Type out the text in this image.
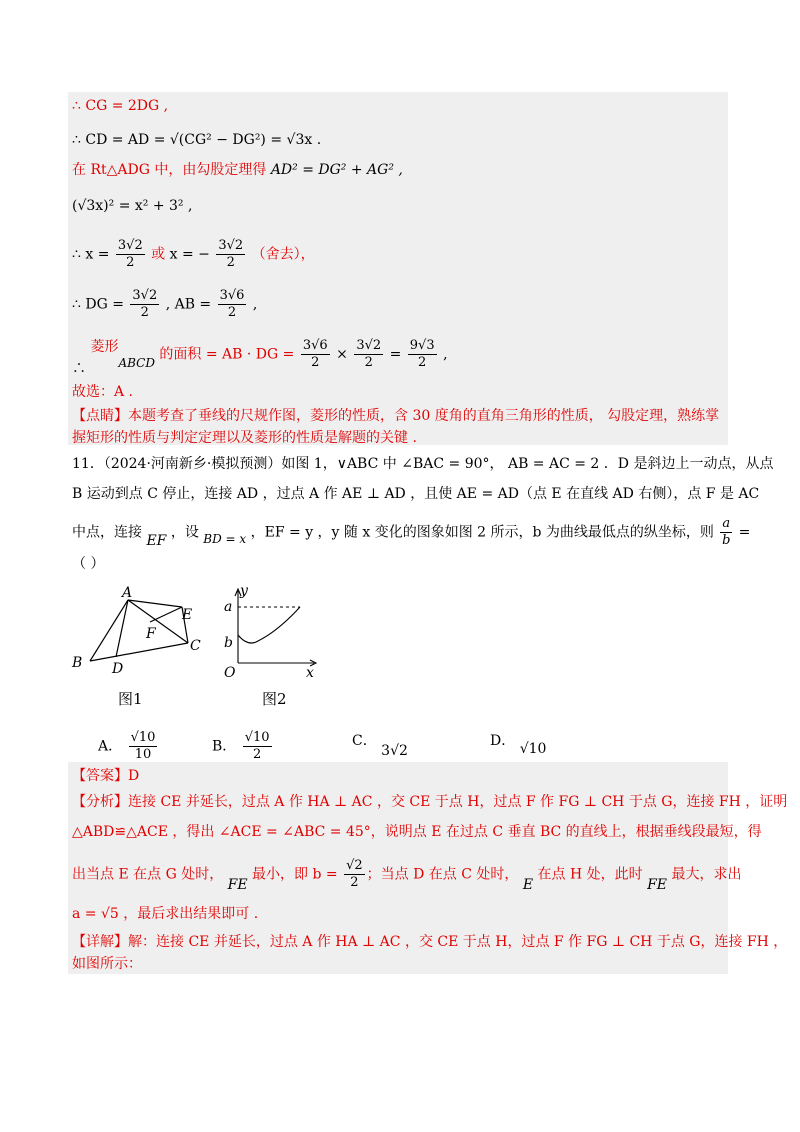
∴ CG = 2DG ,
∴ CD = AD = √(CG² − DG²) = √3x .
在 Rt△ADG 中，由勾股定理得 AD² = DG² + AG² ,
(√3x)² = x² + 3² ,
∴ $x = \frac{3√2}{2}$ 或 x = − $\frac{3√2}{2}$ （舍去），
∴ DG = $\frac{3√2}{2}$ , AB = $\frac{3√6}{2}$ ,
∴ 菱形ABCD 的面积 = AB · DG = $\frac{3√6}{2} \times \frac{3√2}{2} = \frac{9√3}{2}$ ,
故选：A .
【点睛】本题考查了垂线的尺规作图，菱形的性质，含 30 度角的直角三角形的性质， 勾股定理，熟练掌
握矩形的性质与判定定理以及菱形的性质是解题的关键 .
11．（2024·河南新乡·模拟预测）如图 1，∨ABC 中 ∠BAC = 90°， AB = AC = 2 ．D 是斜边上一动点，从点
B 运动到点 C 停止，连接 AD ，过点 A 作 AE ⊥ AD ，且使 AE = AD（点 E 在直线 AD 右侧），点 F 是 AC
中点，连接 EF ，设 BD = x ，EF = y ，y 随 x 变化的图象如图 2 所示，b 为曲线最低点的纵坐标，则 $\frac{a}{b}$ =
（ ）
A
B
C
D
E
F
图1
y
x
O
a
b
图2
A． $\frac{√10}{10}$	B． $\frac{√10}{2}$	C． 3√2
D． √10
【答案】D
【分析】连接 CE 并延长，过点 A 作 HA ⊥ AC ，交 CE 于点 H，过点 F 作 FG ⊥ CH 于点 G，连接 FH ，证明
△ABD≌△ACE ，得出 ∠ACE = ∠ABC = 45°，说明点 E 在过点 C 垂直 BC 的直线上，根据垂线段最短，得
出当点 E 在点 G 处时， FE 最小，即 $b = \frac{√2}{2}$ ；当点 D 在点 C 处时， E 在点 H 处，此时 FE 最大，求出
a = √5 ，最后求出结果即可 .
【详解】解：连接 CE 并延长，过点 A 作 HA ⊥ AC ，交 CE 于点 H，过点 F 作 FG ⊥ CH 于点 G，连接 FH ，
如图所示：
